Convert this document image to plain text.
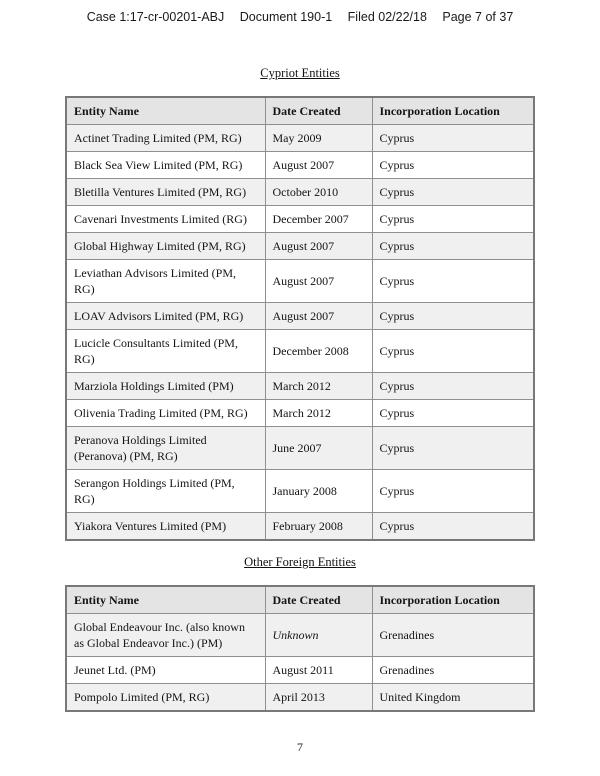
Case 1:17-cr-00201-ABJ Document 190-1 Filed 02/22/18 Page 7 of 37
Cypriot Entities
Entity Name	Date Created	Incorporation Location
Actinet Trading Limited (PM, RG)	May 2009	Cyprus
Black Sea View Limited (PM, RG)	August 2007	Cyprus
Bletilla Ventures Limited (PM, RG)	October 2010	Cyprus
Cavenari Investments Limited (RG)	December 2007	Cyprus
Global Highway Limited (PM, RG)	August 2007	Cyprus
Leviathan Advisors Limited (PM, RG)	August 2007	Cyprus
LOAV Advisors Limited (PM, RG)	August 2007	Cyprus
Lucicle Consultants Limited (PM, RG)	December 2008	Cyprus
Marziola Holdings Limited (PM)	March 2012	Cyprus
Olivenia Trading Limited (PM, RG)	March 2012	Cyprus
Peranova Holdings Limited (Peranova) (PM, RG)	June 2007	Cyprus
Serangon Holdings Limited (PM, RG)	January 2008	Cyprus
Yiakora Ventures Limited (PM)	February 2008	Cyprus
Other Foreign Entities
Entity Name	Date Created	Incorporation Location
Global Endeavour Inc. (also known as Global Endeavor Inc.) (PM)	Unknown	Grenadines
Jeunet Ltd. (PM)	August 2011	Grenadines
Pompolo Limited (PM, RG)	April 2013	United Kingdom
7
